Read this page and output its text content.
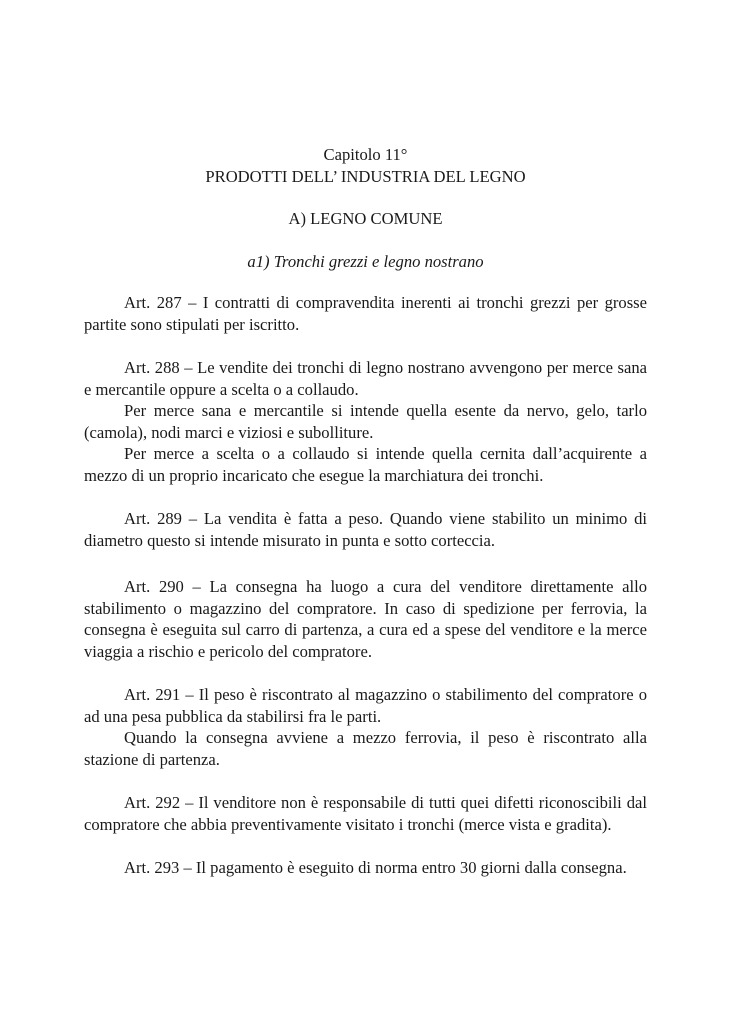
Capitolo 11°

PRODOTTI DELL’ INDUSTRIA DEL LEGNO

A) LEGNO COMUNE

a1) Tronchi grezzi e legno nostrano

Art. 287 – I contratti di compravendita inerenti ai tronchi grezzi per grosse partite sono stipulati per iscritto.

Art. 288 – Le vendite dei tronchi di legno nostrano avvengono per merce sana e mercantile oppure a scelta o a collaudo.

Per merce sana e mercantile si intende quella esente da nervo, gelo, tarlo (camola), nodi marci e viziosi e subolliture.

Per merce a scelta o a collaudo si intende quella cernita dall’acquirente a mezzo di un proprio incaricato che esegue la marchiatura dei tronchi.

Art. 289 – La vendita è fatta a peso. Quando viene stabilito un minimo di diametro questo si intende misurato in punta e sotto corteccia.

Art. 290 – La consegna ha luogo a cura del venditore direttamente allo stabilimento o magazzino del compratore. In caso di spedizione per ferrovia, la consegna è eseguita sul carro di partenza, a cura ed a spese del venditore e la merce viaggia a rischio e pericolo del compratore.

Art. 291 – Il peso è riscontrato al magazzino o stabilimento del compratore o ad una pesa pubblica da stabilirsi fra le parti.

Quando la consegna avviene a mezzo ferrovia, il peso è riscontrato alla stazione di partenza.

Art. 292 – Il venditore non è responsabile di tutti quei difetti riconoscibili dal compratore che abbia preventivamente visitato i tronchi (merce vista e gradita).

Art. 293 – Il pagamento è eseguito di norma entro 30 giorni dalla consegna.
